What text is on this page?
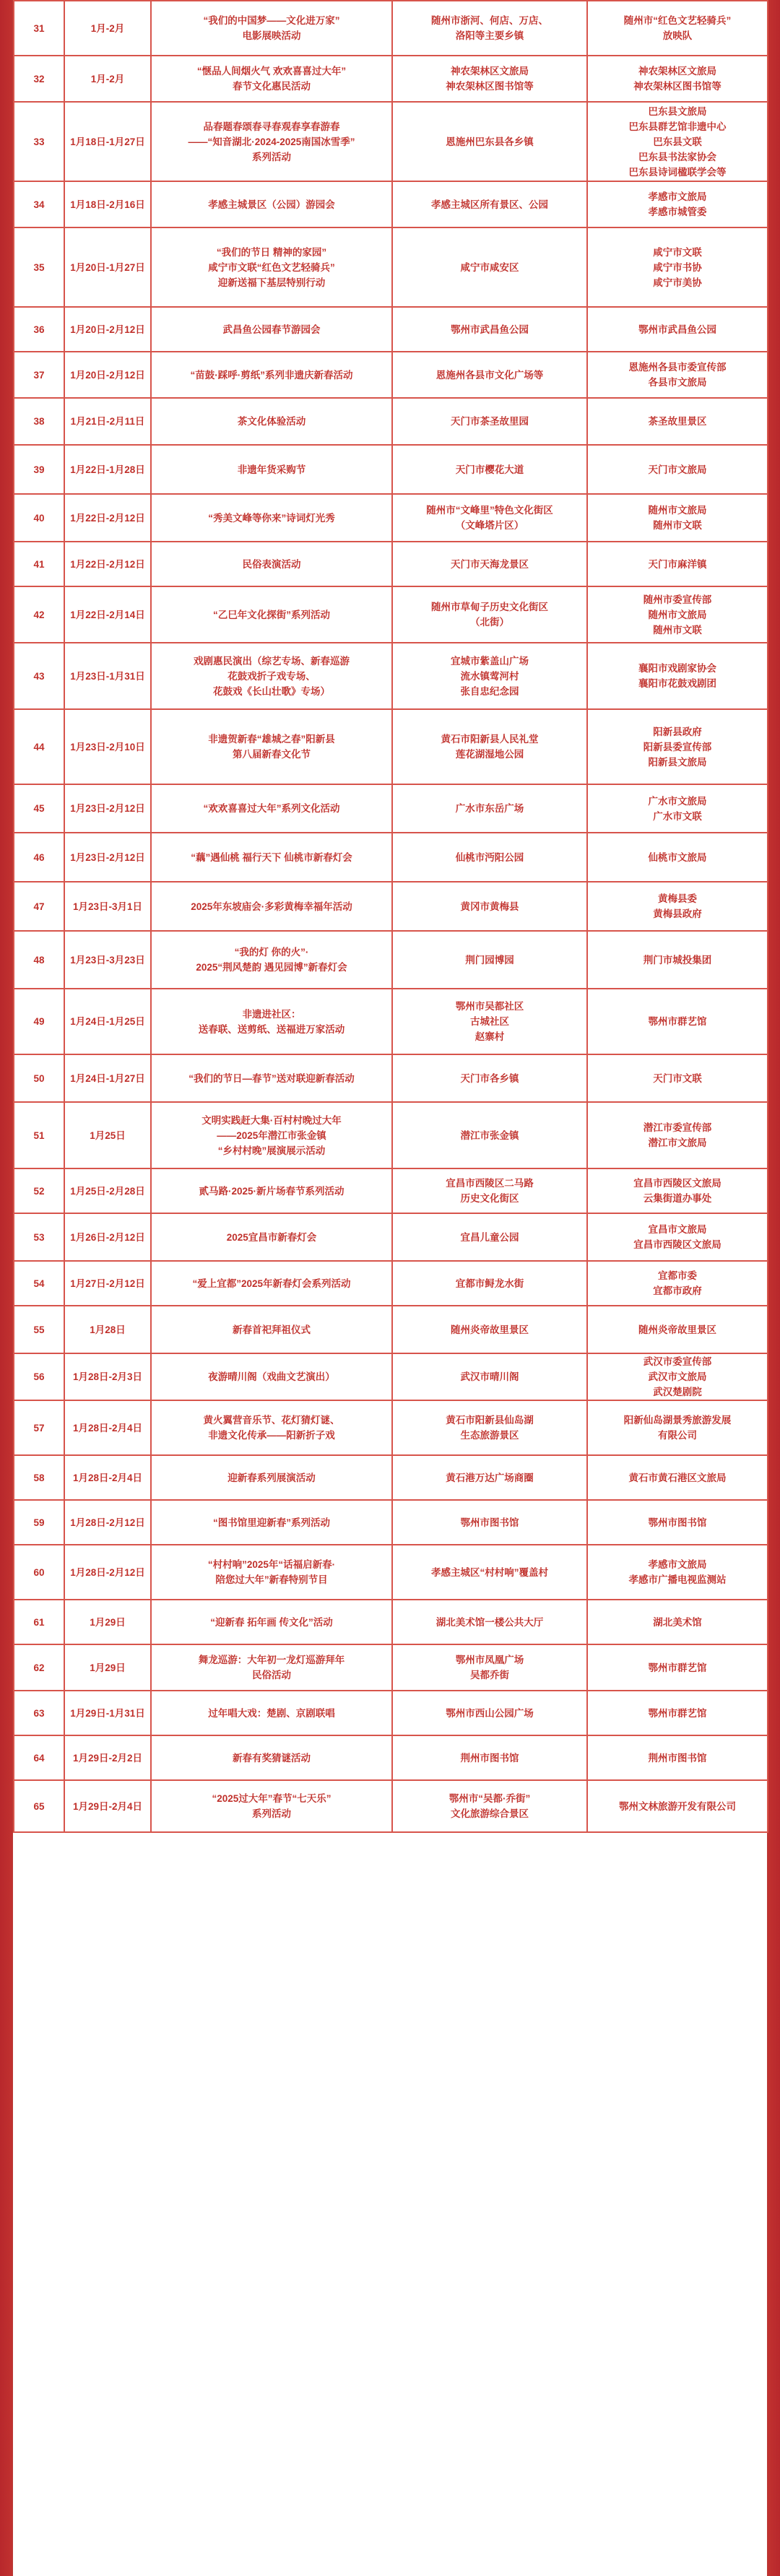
31	1月-2月	“我们的中国梦——文化进万家”
电影展映活动	随州市浙河、何店、万店、
洛阳等主要乡镇	随州市“红色文艺轻骑兵”
放映队
32	1月-2月	“惬品人间烟火气 欢欢喜喜过大年”
春节文化惠民活动	神农架林区文旅局
神农架林区图书馆等	神农架林区文旅局
神农架林区图书馆等
33	1月18日-1月27日	品春题春颂春寻春观春享春游春
——“知音湖北·2024-2025南国冰雪季”
系列活动	恩施州巴东县各乡镇	巴东县文旅局
巴东县群艺馆非遗中心
巴东县文联
巴东县书法家协会
巴东县诗词楹联学会等
34	1月18日-2月16日	孝感主城景区（公园）游园会	孝感主城区所有景区、公园	孝感市文旅局
孝感市城管委
35	1月20日-1月27日	“我们的节日 精神的家园”
咸宁市文联“红色文艺轻骑兵”
迎新送福下基层特别行动	咸宁市咸安区	咸宁市文联
咸宁市书协
咸宁市美协
36	1月20日-2月12日	武昌鱼公园春节游园会	鄂州市武昌鱼公园	鄂州市武昌鱼公园
37	1月20日-2月12日	“苗鼓·踩呼·剪纸”系列非遗庆新春活动	恩施州各县市文化广场等	恩施州各县市委宣传部
各县市文旅局
38	1月21日-2月11日	茶文化体验活动	天门市茶圣故里园	茶圣故里景区
39	1月22日-1月28日	非遗年货采购节	天门市樱花大道	天门市文旅局
40	1月22日-2月12日	“秀美文峰等你来”诗词灯光秀	随州市“文峰里”特色文化街区
（文峰塔片区）	随州市文旅局
随州市文联
41	1月22日-2月12日	民俗表演活动	天门市天海龙景区	天门市麻洋镇
42	1月22日-2月14日	“乙巳年文化探街”系列活动	随州市草甸子历史文化街区
（北街）	随州市委宣传部
随州市文旅局
随州市文联
43	1月23日-1月31日	戏剧惠民演出（综艺专场、新春巡游
花鼓戏折子戏专场、
花鼓戏《长山壮歌》专场）	宜城市紫盖山广场
流水镇莺河村
张自忠纪念园	襄阳市戏剧家协会
襄阳市花鼓戏剧团
44	1月23日-2月10日	非遗贺新春“雄城之春”阳新县
第八届新春文化节	黄石市阳新县人民礼堂
莲花湖湿地公园	阳新县政府
阳新县委宣传部
阳新县文旅局
45	1月23日-2月12日	“欢欢喜喜过大年”系列文化活动	广水市东岳广场	广水市文旅局
广水市文联
46	1月23日-2月12日	“藕”遇仙桃 福行天下 仙桃市新春灯会	仙桃市沔阳公园	仙桃市文旅局
47	1月23日-3月1日	2025年东坡庙会·多彩黄梅幸福年活动	黄冈市黄梅县	黄梅县委
黄梅县政府
48	1月23日-3月23日	“我的灯 你的火”·
2025“荆风楚韵 遇见园博”新春灯会	荆门园博园	荆门市城投集团
49	1月24日-1月25日	非遗进社区：
送春联、送剪纸、送福进万家活动	鄂州市吴都社区
古城社区
赵寨村	鄂州市群艺馆
50	1月24日-1月27日	“我们的节日—春节”送对联迎新春活动	天门市各乡镇	天门市文联
51	1月25日	文明实践赶大集·百村村晚过大年
——2025年潜江市张金镇
“乡村村晚”展演展示活动	潜江市张金镇	潜江市委宣传部
潜江市文旅局
52	1月25日-2月28日	贰马路·2025·新片场春节系列活动	宜昌市西陵区二马路
历史文化街区	宜昌市西陵区文旅局
云集街道办事处
53	1月26日-2月12日	2025宜昌市新春灯会	宜昌儿童公园	宜昌市文旅局
宜昌市西陵区文旅局
54	1月27日-2月12日	“爱上宜都”2025年新春灯会系列活动	宜都市鲟龙水街	宜都市委
宜都市政府
55	1月28日	新春首祀拜祖仪式	随州炎帝故里景区	随州炎帝故里景区
56	1月28日-2月3日	夜游晴川阁（戏曲文艺演出）	武汉市晴川阁	武汉市委宣传部
武汉市文旅局
武汉楚剧院
57	1月28日-2月4日	黄火翼营音乐节、花灯猜灯谜、
非遗文化传承——阳新折子戏	黄石市阳新县仙岛湖
生态旅游景区	阳新仙岛湖景秀旅游发展
有限公司
58	1月28日-2月4日	迎新春系列展演活动	黄石港万达广场商圈	黄石市黄石港区文旅局
59	1月28日-2月12日	“图书馆里迎新春”系列活动	鄂州市图书馆	鄂州市图书馆
60	1月28日-2月12日	“村村响”2025年“话福启新春·
陪您过大年”新春特别节目	孝感主城区“村村响”覆盖村	孝感市文旅局
孝感市广播电视监测站
61	1月29日	“迎新春 拓年画 传文化”活动	湖北美术馆一楼公共大厅	湖北美术馆
62	1月29日	舞龙巡游：大年初一龙灯巡游拜年
民俗活动	鄂州市凤凰广场
吴都乔街	鄂州市群艺馆
63	1月29日-1月31日	过年唱大戏：楚剧、京剧联唱	鄂州市西山公园广场	鄂州市群艺馆
64	1月29日-2月2日	新春有奖猜谜活动	荆州市图书馆	荆州市图书馆
65	1月29日-2月4日	“2025过大年”春节“七天乐”
系列活动	鄂州市“吴都·乔街”
文化旅游综合景区	鄂州文林旅游开发有限公司
